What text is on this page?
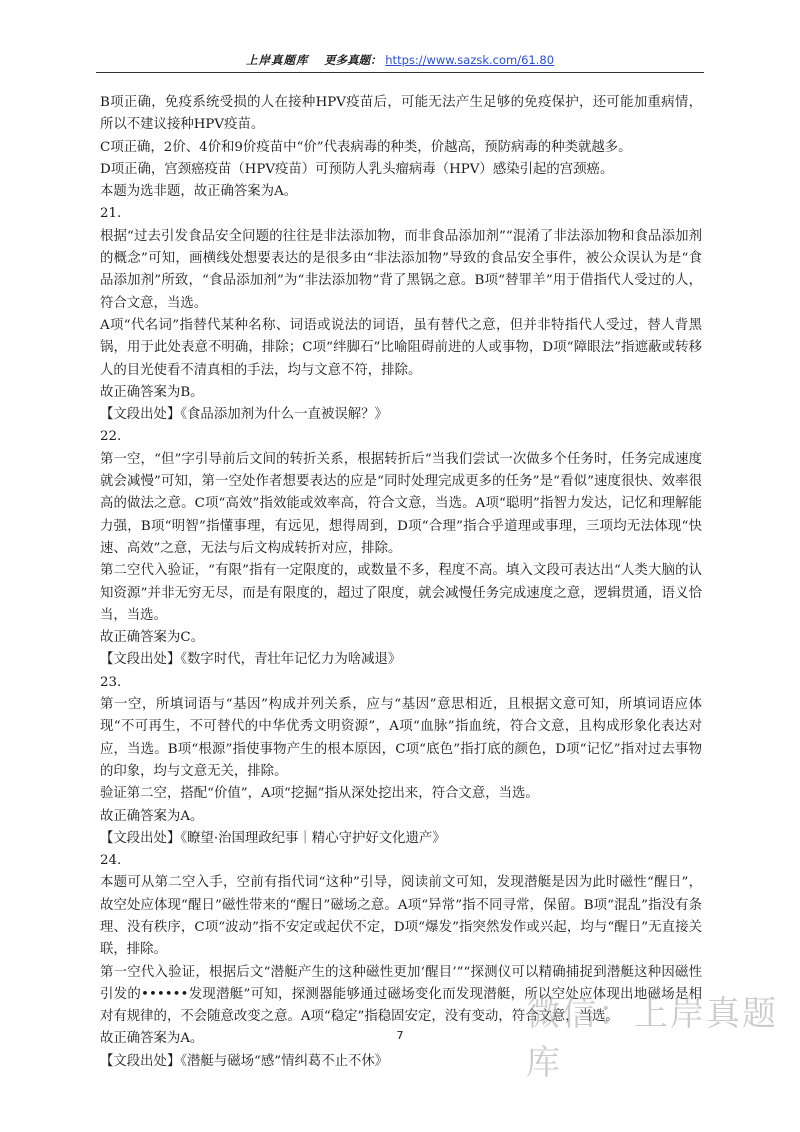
上岸真题库 更多真题： https://www.sazsk.com/61.80

B项正确，免疫系统受损的人在接种HPV疫苗后，可能无法产生足够的免疫保护，还可能加重病情，所以不建议接种HPV疫苗。

C项正确，2价、4价和9价疫苗中“价”代表病毒的种类，价越高，预防病毒的种类就越多。

D项正确，宫颈癌疫苗（HPV疫苗）可预防人乳头瘤病毒（HPV）感染引起的宫颈癌。

本题为选非题，故正确答案为A。

21.

根据“过去引发食品安全问题的往往是非法添加物，而非食品添加剂”“混淆了非法添加物和食品添加剂的概念”可知，画横线处想要表达的是很多由“非法添加物”导致的食品安全事件，被公众误认为是“食品添加剂”所致，“食品添加剂”为“非法添加物”背了黑锅之意。B项“替罪羊”用于借指代人受过的人，符合文意，当选。

A项“代名词”指替代某种名称、词语或说法的词语，虽有替代之意，但并非特指代人受过，替人背黑锅，用于此处表意不明确，排除；C项“绊脚石”比喻阻碍前进的人或事物，D项“障眼法”指遮蔽或转移人的目光使看不清真相的手法，均与文意不符，排除。

故正确答案为B。

【文段出处】《食品添加剂为什么一直被误解？》

22.

第一空，“但”字引导前后文间的转折关系，根据转折后“当我们尝试一次做多个任务时，任务完成速度就会减慢”可知，第一空处作者想要表达的应是“同时处理完成更多的任务”是“看似”速度很快、效率很高的做法之意。C项“高效”指效能或效率高，符合文意，当选。A项“聪明”指智力发达，记忆和理解能力强，B项“明智”指懂事理，有远见，想得周到，D项“合理”指合乎道理或事理，三项均无法体现“快速、高效”之意，无法与后文构成转折对应，排除。

第二空代入验证，“有限”指有一定限度的，或数量不多，程度不高。填入文段可表达出“人类大脑的认知资源”并非无穷无尽，而是有限度的，超过了限度，就会减慢任务完成速度之意，逻辑贯通，语义恰当，当选。

故正确答案为C。

【文段出处】《数字时代，青壮年记忆力为啥减退》

23.

第一空，所填词语与“基因”构成并列关系，应与“基因”意思相近，且根据文意可知，所填词语应体现“不可再生，不可替代的中华优秀文明资源”，A项“血脉”指血统，符合文意，且构成形象化表达对应，当选。B项“根源”指使事物产生的根本原因，C项“底色”指打底的颜色，D项“记忆”指对过去事物的印象，均与文意无关，排除。

验证第二空，搭配“价值”，A项“挖掘”指从深处挖出来，符合文意，当选。

故正确答案为A。

【文段出处】《瞭望·治国理政纪事｜精心守护好文化遗产》

24.

本题可从第二空入手，空前有指代词“这种”引导，阅读前文可知，发现潜艇是因为此时磁性“醒日”，故空处应体现“醒日”磁性带来的“醒日”磁场之意。A项“异常”指不同寻常，保留。B项“混乱”指没有条理、没有秩序，C项“波动”指不安定或起伏不定，D项“爆发”指突然发作或兴起，均与“醒日”无直接关联，排除。

第一空代入验证，根据后文“潜艇产生的这种磁性更加‘醒目’”“探测仪可以精确捕捉到潜艇这种因磁性引发的••••••发现潜艇”可知，探测器能够通过磁场变化而发现潜艇，所以空处应体现出地磁场是相对有规律的，不会随意改变之意。A项“稳定”指稳固安定，没有变动，符合文意，当选。

故正确答案为A。

【文段出处】《潜艇与磁场“感”情纠葛不止不休》

微信：上岸真题库
7
